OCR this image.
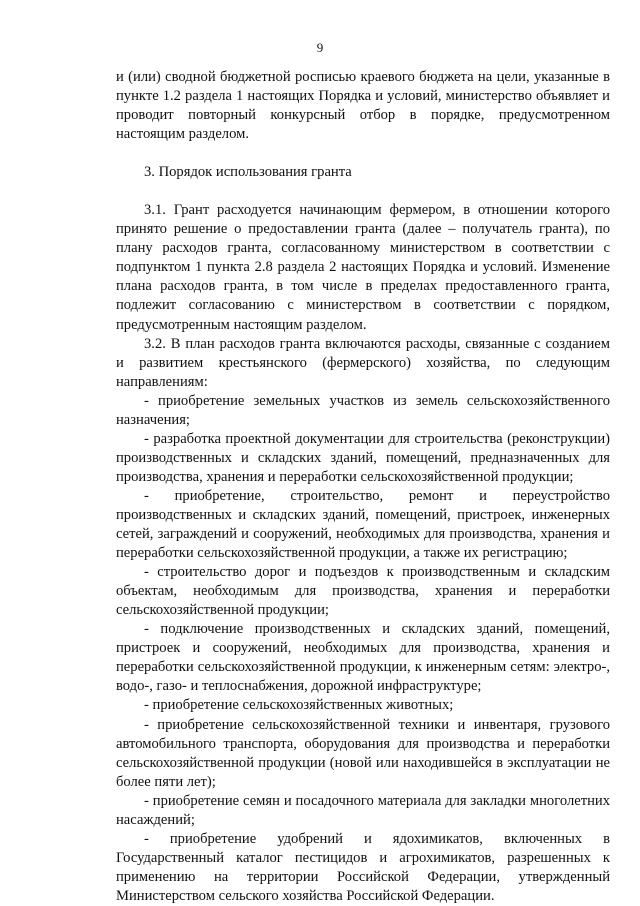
9

и (или) сводной бюджетной росписью краевого бюджета на цели, указанные в пункте 1.2 раздела 1 настоящих Порядка и условий, министерство объявляет и проводит повторный конкурсный отбор в порядке, предусмотренном настоящим разделом.

3. Порядок использования гранта

3.1. Грант расходуется начинающим фермером, в отношении которого принято решение о предоставлении гранта (далее – получатель гранта), по плану расходов гранта, согласованному министерством в соответствии с подпунктом 1 пункта 2.8 раздела 2 настоящих Порядка и условий. Изменение плана расходов гранта, в том числе в пределах предоставленного гранта, подлежит согласованию с министерством в соответствии с порядком, предусмотренным настоящим разделом.

3.2. В план расходов гранта включаются расходы, связанные с созданием и развитием крестьянского (фермерского) хозяйства, по следующим направлениям:

- приобретение земельных участков из земель сельскохозяйственного назначения;

- разработка проектной документации для строительства (реконструкции) производственных и складских зданий, помещений, предназначенных для производства, хранения и переработки сельскохозяйственной продукции;

- приобретение, строительство, ремонт и переустройство производственных и складских зданий, помещений, пристроек, инженерных сетей, заграждений и сооружений, необходимых для производства, хранения и переработки сельскохозяйственной продукции, а также их регистрацию;

- строительство дорог и подъездов к производственным и складским объектам, необходимым для производства, хранения и переработки сельскохозяйственной продукции;

- подключение производственных и складских зданий, помещений, пристроек и сооружений, необходимых для производства, хранения и переработки сельскохозяйственной продукции, к инженерным сетям: электро-, водо-, газо- и теплоснабжения, дорожной инфраструктуре;

- приобретение сельскохозяйственных животных;

- приобретение сельскохозяйственной техники и инвентаря, грузового автомобильного транспорта, оборудования для производства и переработки сельскохозяйственной продукции (новой или находившейся в эксплуатации не более пяти лет);

- приобретение семян и посадочного материала для закладки многолетних насаждений;

- приобретение удобрений и ядохимикатов, включенных в Государственный каталог пестицидов и агрохимикатов, разрешенных к применению на территории Российской Федерации, утвержденный Министерством сельского хозяйства Российской Федерации.
